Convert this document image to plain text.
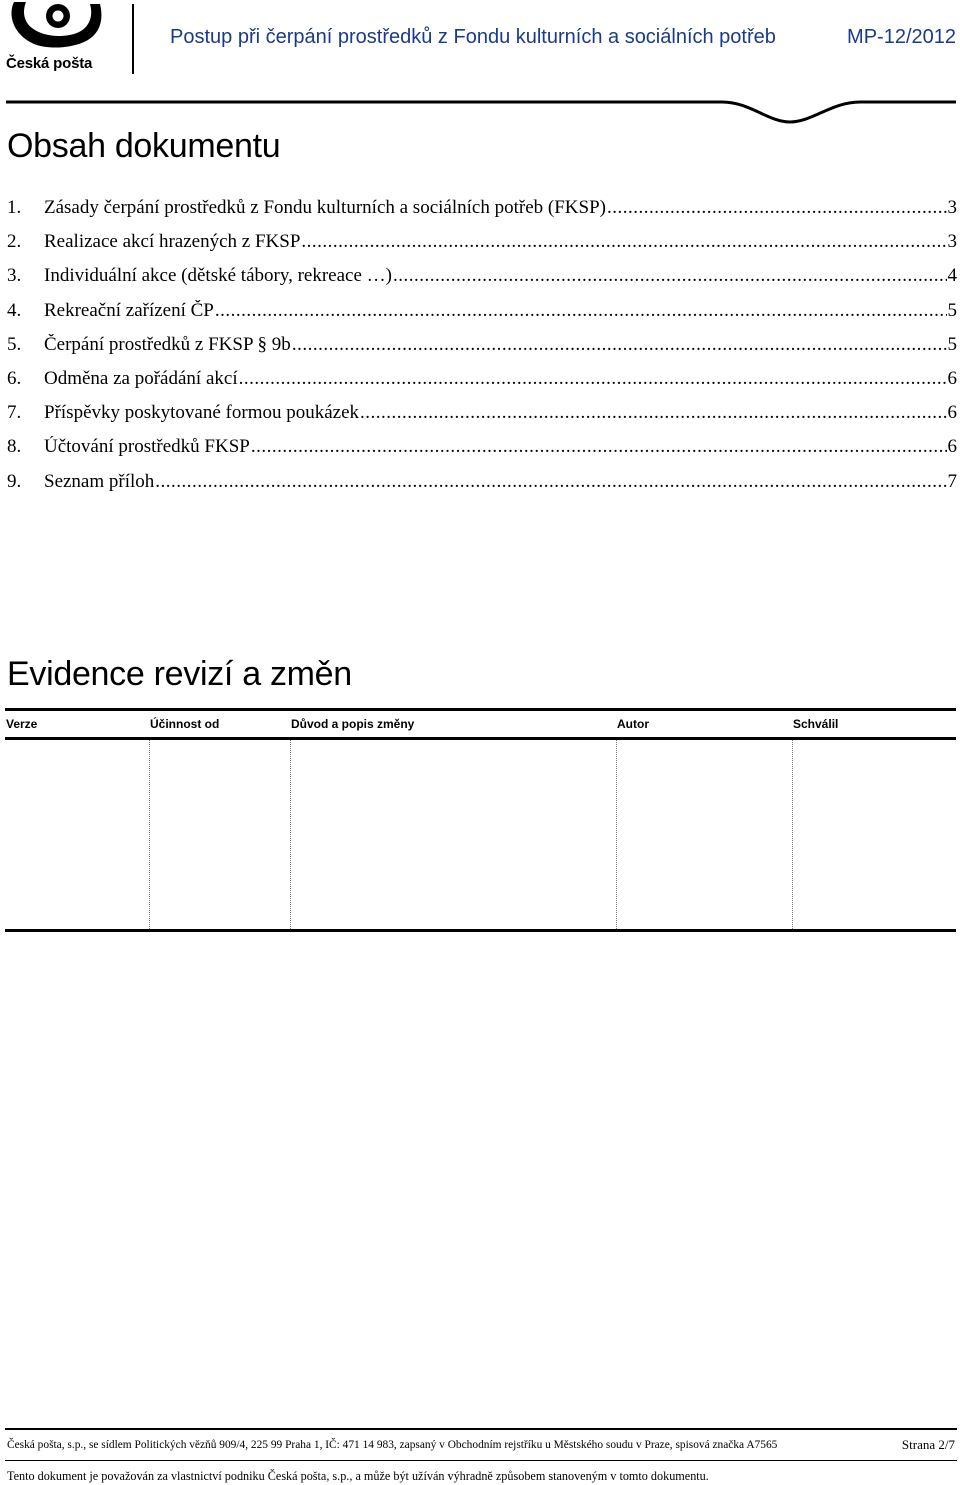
Česká pošta
Postup při čerpání prostředků z Fondu kulturních a sociálních potřeb	MP-12/2012
Obsah dokumentu
1.	Zásady čerpání prostředků z Fondu kulturních a sociálních potřeb (FKSP) .....	3
2.	Realizace akcí hrazených z FKSP .....	3
3.	Individuální akce (dětské tábory, rekreace …) .....	4
4.	Rekreační zařízení ČP .....	5
5.	Čerpání prostředků z FKSP § 9b .....	5
6.	Odměna za pořádání akcí .....	6
7.	Příspěvky poskytované formou poukázek .....	6
8.	Účtování prostředků FKSP .....	6
9.	Seznam příloh .....	7
Evidence revizí a změn
Verze	Účinnost od	Důvod a popis změny	Autor	Schválil
Česká pošta, s.p., se sídlem Politických vězňů 909/4, 225 99 Praha 1, IČ: 471 14 983, zapsaný v Obchodním rejstříku u Městského soudu v Praze, spisová značka A7565	Strana 2/7
Tento dokument je považován za vlastnictví podniku Česká pošta, s.p., a může být užíván výhradně způsobem stanoveným v tomto dokumentu.
